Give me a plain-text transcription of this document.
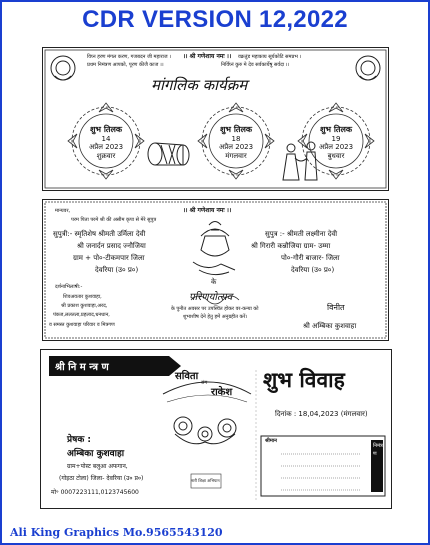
CDR VERSION 12,2022
विघ्न हरण मंगल करण, गजबदन जी महाराज ।
प्रथम निमंत्रण आपको, पूरण कीजै काज ।।
।। श्री गणेशाय नमः ।। वक्रतुंड महाकाय सूर्यकोटि समप्रभ ।
निर्विघ्नं कुरु मे देव सर्वकार्येषु सर्वदा ।।
मांगलिक कार्यक्रम
शुभ तिलक
14
अप्रैल 2023
शुक्रवार
शुभ तिलक
18
अप्रैल 2023
मंगलवार
शुभ तिलक
19
अप्रैल 2023
बुधवार
।। श्री गणेशाय नमः ।।
मान्यवर,
परम पिता परमे श्री की असीम कृपा से मेरे सुपुत्र
सुपुत्री:- स्मृतिशेष श्रीमती उर्मिला देवी
श्री जनार्दन प्रसाद ज्नौजिया
ग्राम + पो०-टीकमपार जिला
देवरिया (उ० प्र०)
सुपुत्र :- श्रीमती लक्ष्मीना देवी
श्री गिरारी कन्नौजिया ग्राम- उम्मा
पो०-गौरी बाजार- जिला
देवरिया (उ० प्र०)
के
परिणयोत्सव
के पुनीत अवसर पर उपस्थित होकर वर-कन्या को
शुभाशीष देने हेतु हमें अनुग्रहीत करें।
दर्शनाभिलाषी:-
शिवअवतार कुशवाहा,
श्री प्रकाश कुशवाहा,अरद,
पंकज,ललतला,प्रहलाद,धनधान,
व समस्त कुशवाहा परिवार व मित्रगण
विनीत
श्री अम्बिका कुशवाहा
श्री नि म न्त्र ण
सविता
संग
राकेश
शुभ विवाह
दिनांक : 18,04,2023 (मंगलवार)
प्रेषक :
अम्बिका कुशवाहा
ग्राम+पोस्ट बलुआ अफगान,
(गोइठा टोला) जिला- देवरिया (उ० प्र०)
मो॰ 0007223111,0123745600
नारी शिक्षा अभियान
श्रीमान
निमंत्रण
Ali King Graphics Mo.9565543120
